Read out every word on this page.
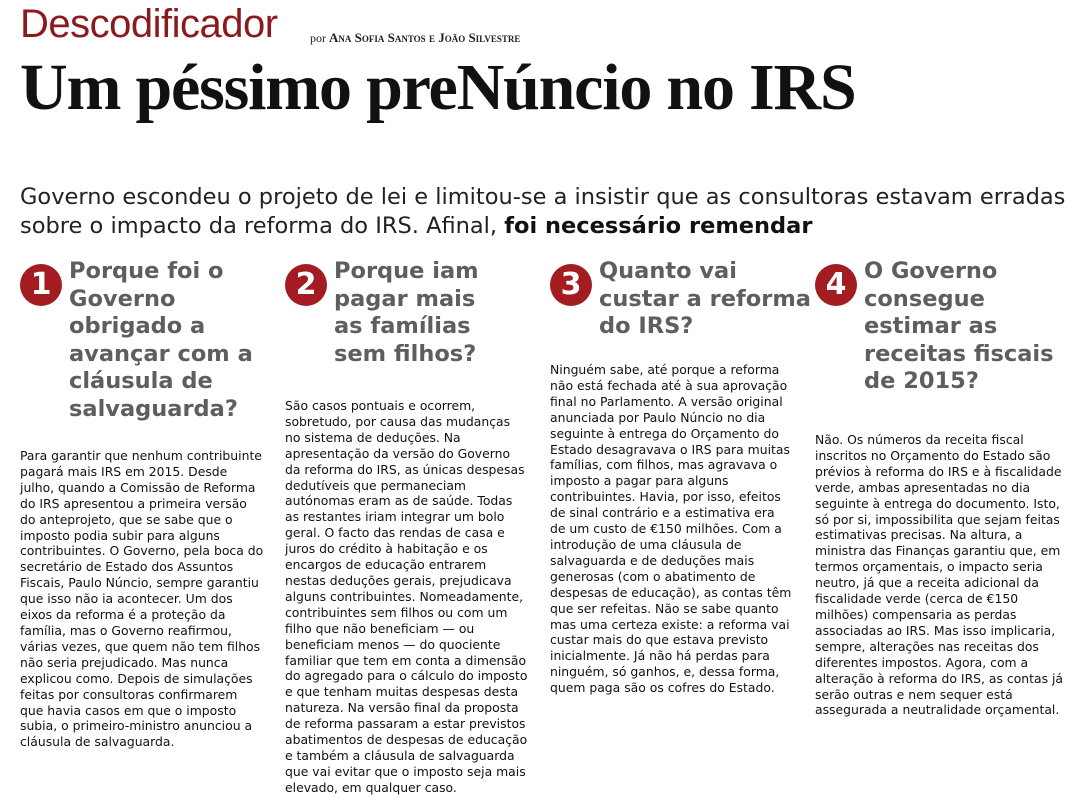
Descodificador	por Ana Sofia Santos e João Silvestre
Um péssimo preNúncio no IRS
Governo escondeu o projeto de lei e limitou-se a insistir que as consultoras estavam erradas sobre o impacto da reforma do IRS. Afinal, foi necessário remendar
1 Porque foi o Governo obrigado a avançar com a cláusula de salvaguarda?

Para garantir que nenhum contribuinte pagará mais IRS em 2015. Desde julho, quando a Comissão de Reforma do IRS apresentou a primeira versão do anteprojeto, que se sabe que o imposto podia subir para alguns contribuintes. O Governo, pela boca do secretário de Estado dos Assuntos Fiscais, Paulo Núncio, sempre garantiu que isso não ia acontecer. Um dos eixos da reforma é a proteção da família, mas o Governo reafirmou, várias vezes, que quem não tem filhos não seria prejudicado. Mas nunca explicou como. Depois de simulações feitas por consultoras confirmarem que havia casos em que o imposto subia, o primeiro-ministro anunciou a cláusula de salvaguarda.

2 Porque iam pagar mais as famílias sem filhos?

São casos pontuais e ocorrem, sobretudo, por causa das mudanças no sistema de deduções. Na apresentação da versão do Governo da reforma do IRS, as únicas despesas dedutíveis que permaneciam autónomas eram as de saúde. Todas as restantes iriam integrar um bolo geral. O facto das rendas de casa e juros do crédito à habitação e os encargos de educação entrarem nestas deduções gerais, prejudicava alguns contribuintes. Nomeadamente, contribuintes sem filhos ou com um filho que não beneficiam — ou beneficiam menos — do quociente familiar que tem em conta a dimensão do agregado para o cálculo do imposto e que tenham muitas despesas desta natureza. Na versão final da proposta de reforma passaram a estar previstos abatimentos de despesas de educação e também a cláusula de salvaguarda que vai evitar que o imposto seja mais elevado, em qualquer caso.

3 Quanto vai custar a reforma do IRS?

Ninguém sabe, até porque a reforma não está fechada até à sua aprovação final no Parlamento. A versão original anunciada por Paulo Núncio no dia seguinte à entrega do Orçamento do Estado desagravava o IRS para muitas famílias, com filhos, mas agravava o imposto a pagar para alguns contribuintes. Havia, por isso, efeitos de sinal contrário e a estimativa era de um custo de €150 milhões. Com a introdução de uma cláusula de salvaguarda e de deduções mais generosas (com o abatimento de despesas de educação), as contas têm que ser refeitas. Não se sabe quanto mas uma certeza existe: a reforma vai custar mais do que estava previsto inicialmente. Já não há perdas para ninguém, só ganhos, e, dessa forma, quem paga são os cofres do Estado.

4 O Governo consegue estimar as receitas fiscais de 2015?

Não. Os números da receita fiscal inscritos no Orçamento do Estado são prévios à reforma do IRS e à fiscalidade verde, ambas apresentadas no dia seguinte à entrega do documento. Isto, só por si, impossibilita que sejam feitas estimativas precisas. Na altura, a ministra das Finanças garantiu que, em termos orçamentais, o impacto seria neutro, já que a receita adicional da fiscalidade verde (cerca de €150 milhões) compensaria as perdas associadas ao IRS. Mas isso implicaria, sempre, alterações nas receitas dos diferentes impostos. Agora, com a alteração à reforma do IRS, as contas já serão outras e nem sequer está assegurada a neutralidade orçamental.
